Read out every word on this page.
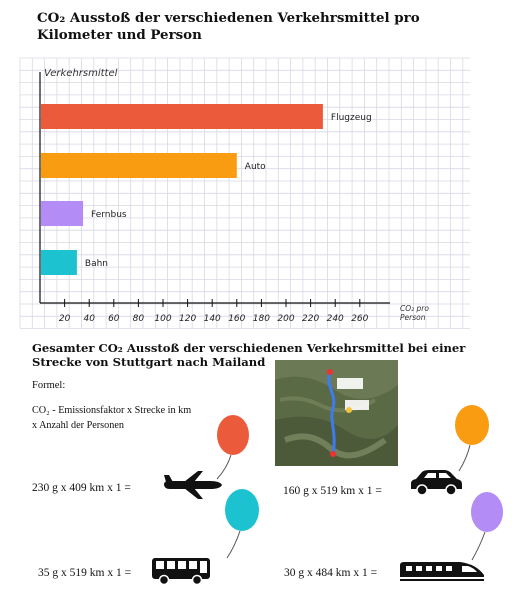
CO₂ Ausstoß der verschiedenen Verkehrsmittel pro Kilometer und Person
Verkehrsmittel
Flugzeug
Auto
Fernbus
Bahn
20 40 60 80 100 120 140 160 180 200 220 240 260
CO₂ pro Person
Gesamter CO₂ Ausstoß der verschiedenen Verkehrsmittel bei einer Strecke von Stuttgart nach Mailand
Formel:
CO₂ - Emissionsfaktor x Strecke in km x Anzahl der Personen
230 g x 409 km x 1 =	160 g x 519 km x 1 =
35 g x 519 km x 1 =	30 g x 484 km x 1 =
